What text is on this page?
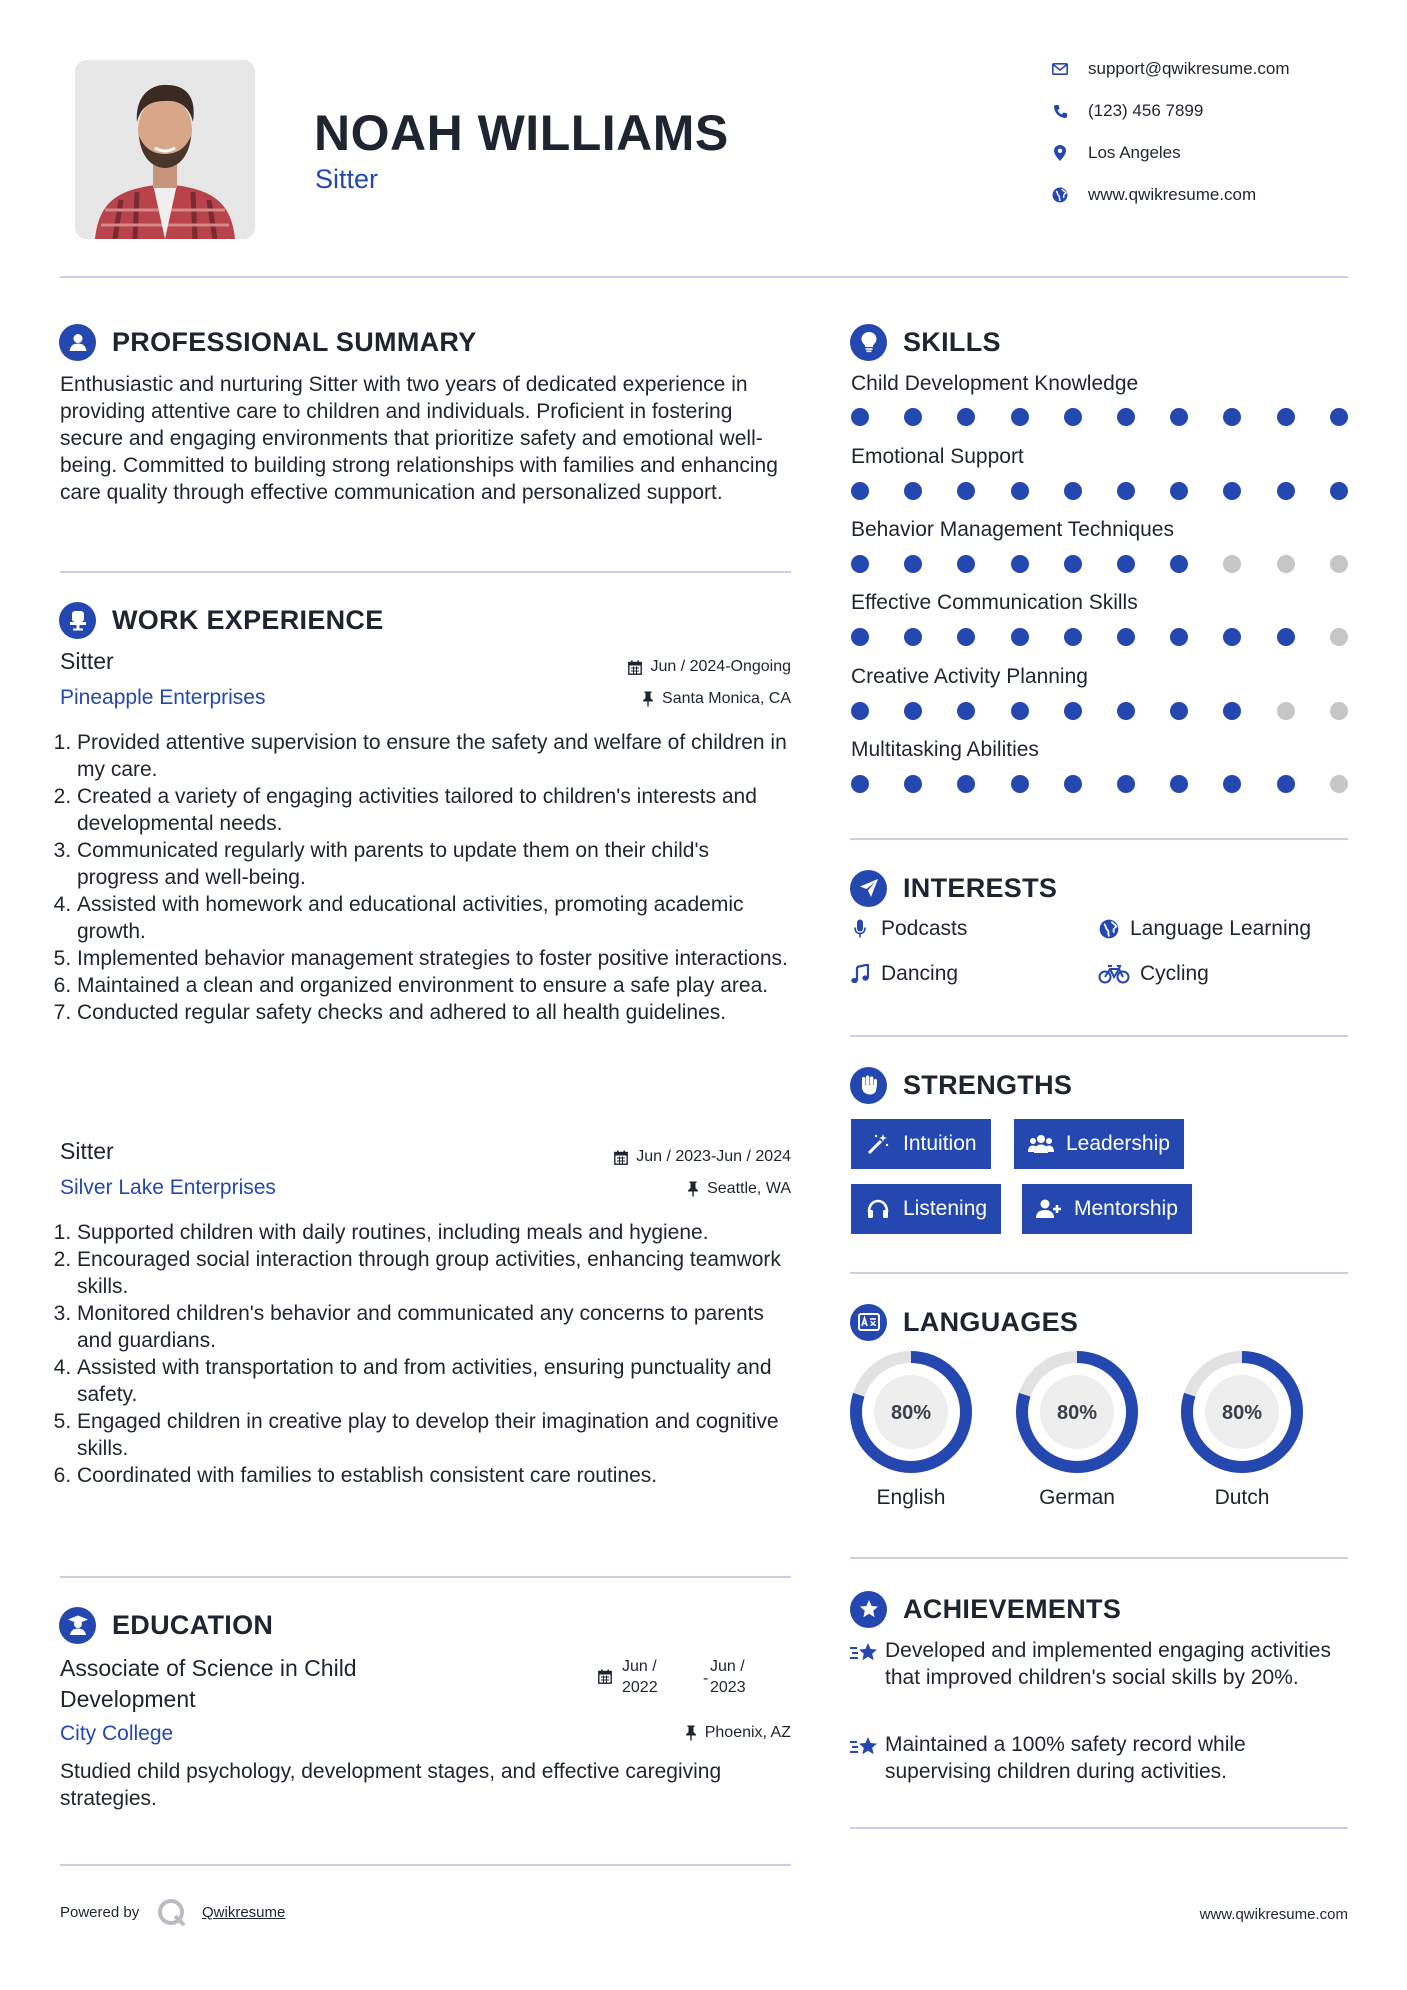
NOAH WILLIAMS
Sitter
support@qwikresume.com
(123) 456 7899
Los Angeles
www.qwikresume.com
PROFESSIONAL SUMMARY
Enthusiastic and nurturing Sitter with two years of dedicated experience in providing attentive care to children and individuals. Proficient in fostering secure and engaging environments that prioritize safety and emotional well-being. Committed to building strong relationships with families and enhancing care quality through effective communication and personalized support.
WORK EXPERIENCE
Sitter	Jun / 2024-Ongoing
Pineapple Enterprises	Santa Monica, CA
1. Provided attentive supervision to ensure the safety and welfare of children in my care.
2. Created a variety of engaging activities tailored to children's interests and developmental needs.
3. Communicated regularly with parents to update them on their child's progress and well-being.
4. Assisted with homework and educational activities, promoting academic growth.
5. Implemented behavior management strategies to foster positive interactions.
6. Maintained a clean and organized environment to ensure a safe play area.
7. Conducted regular safety checks and adhered to all health guidelines.
Sitter	Jun / 2023-Jun / 2024
Silver Lake Enterprises	Seattle, WA
1. Supported children with daily routines, including meals and hygiene.
2. Encouraged social interaction through group activities, enhancing teamwork skills.
3. Monitored children's behavior and communicated any concerns to parents and guardians.
4. Assisted with transportation to and from activities, ensuring punctuality and safety.
5. Engaged children in creative play to develop their imagination and cognitive skills.
6. Coordinated with families to establish consistent care routines.
EDUCATION
Associate of Science in Child
Development
Jun /
2022
-
Jun /
2023
City College	Phoenix, AZ
Studied child psychology, development stages, and effective caregiving strategies.
SKILLS
Child Development Knowledge
Emotional Support
Behavior Management Techniques
Effective Communication Skills
Creative Activity Planning
Multitasking Abilities
INTERESTS
Podcasts	Language Learning
Dancing	Cycling
STRENGTHS
Intuition	Leadership
Listening	Mentorship
LANGUAGES
80%
English
80%
German
80%
Dutch
ACHIEVEMENTS
Developed and implemented engaging activities that improved children's social skills by 20%.
Maintained a 100% safety record while supervising children during activities.
Powered by	Qwikresume	www.qwikresume.com
